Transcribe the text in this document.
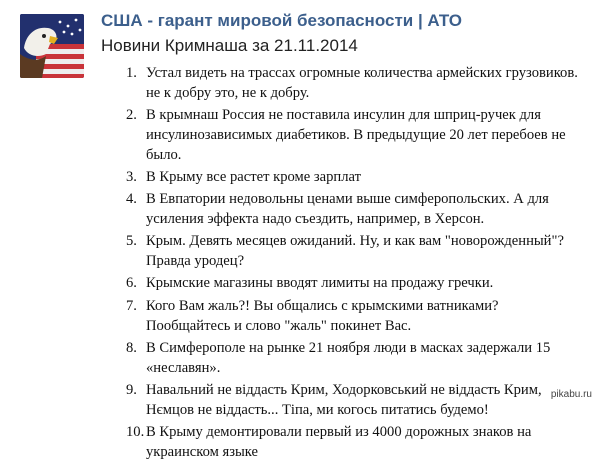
США - гарант мировой безопасности | АТО
Новини Кримнаша за 21.11.2014
1. Устал видеть на трассах огромные количества армейских грузовиков. не к добру это, не к добру.
2. В крымнаш Россия не поставила инсулин для шприц-ручек для инсулинозависимых диабетиков. В предыдущие 20 лет перебоев не было.
3. В Крыму все растет кроме зарплат
4. В Евпатории недовольны ценами выше симферопольских. А для усиления эффекта надо съездить, например, в Херсон.
5. Крым. Девять месяцев ожиданий. Ну, и как вам "новорожденный"? Правда уродец?
6. Крымские магазины вводят лимиты на продажу гречки.
7. Кого Вам жаль?! Вы общались с крымскими ватниками? Пообщайтесь и слово "жаль" покинет Вас.
8. В Симферополе на рынке 21 ноября люди в масках задержали 15 «неславян».
9. Навальний не віддасть Крим, Ходорковський не віддасть Крим, Нємцов не віддасть... Тіпа, ми когось питатись будемо!
10. В Крыму демонтировали первый из 4000 дорожных знаков на украинском языке
pikabu.ru
